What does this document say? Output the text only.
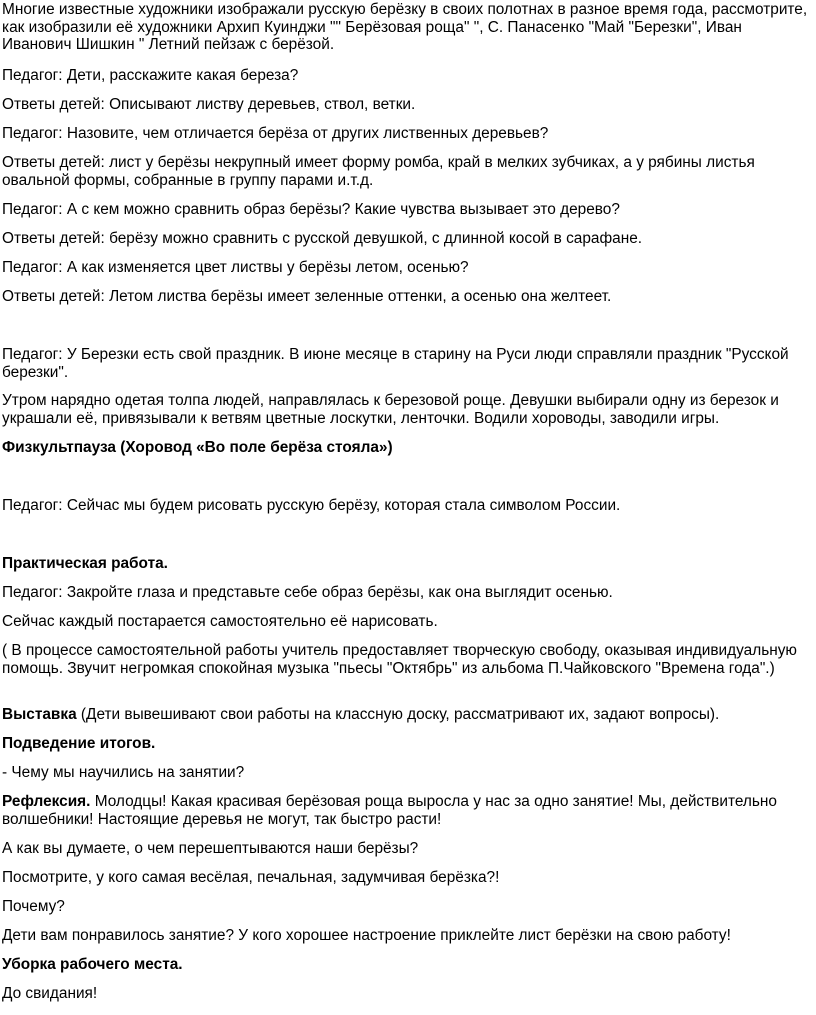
Многие известные художники изображали русскую берёзку в своих полотнах в разное время года, рассмотрите, как изобразили её художники Архип Куинджи "" Берёзовая роща" ", С. Панасенко "Май "Березки", Иван Иванович Шишкин " Летний пейзаж с берёзой.

Педагог: Дети, расскажите какая береза?

Ответы детей: Описывают листву деревьев, ствол, ветки.

Педагог: Назовите, чем отличается берёза от других лиственных деревьев?

Ответы детей: лист у берёзы некрупный имеет форму ромба, край в мелких зубчиках, а у рябины листья овальной формы, собранные в группу парами и.т.д.

Педагог: А с кем можно сравнить образ берёзы? Какие чувства вызывает это дерево?

Ответы детей: берёзу можно сравнить с русской девушкой, с длинной косой в сарафане.

Педагог: А как изменяется цвет листвы у берёзы летом, осенью?

Ответы детей: Летом листва берёзы имеет зеленные оттенки, а осенью она желтеет.

Педагог: У Березки есть свой праздник. В июне месяце в старину на Руси люди справляли праздник "Русской березки".

Утром нарядно одетая толпа людей, направлялась к березовой роще. Девушки выбирали одну из березок и украшали её, привязывали к ветвям цветные лоскутки, ленточки. Водили хороводы, заводили игры.

Физкультпауза (Хоровод «Во поле берёза стояла»)

Педагог: Сейчас мы будем рисовать русскую берёзу, которая стала символом России.

Практическая работа.

Педагог: Закройте глаза и представьте себе образ берёзы, как она выглядит осенью.

Сейчас каждый постарается самостоятельно её нарисовать.

( В процессе самостоятельной работы учитель предоставляет творческую свободу, оказывая индивидуальную помощь. Звучит негромкая спокойная музыка "пьесы "Октябрь" из альбома П.Чайковского "Времена года".)

Выставка (Дети вывешивают свои работы на классную доску, рассматривают их, задают вопросы).

Подведение итогов.

- Чему мы научились на занятии?

Рефлексия. Молодцы! Какая красивая берёзовая роща выросла у нас за одно занятие! Мы, действительно волшебники! Настоящие деревья не могут, так быстро расти!

А как вы думаете, о чем перешептываются наши берёзы?

Посмотрите, у кого самая весёлая, печальная, задумчивая берёзка?!

Почему?

Дети вам понравилось занятие? У кого хорошее настроение приклейте лист берёзки на свою работу!

Уборка рабочего места.

До свидания!
